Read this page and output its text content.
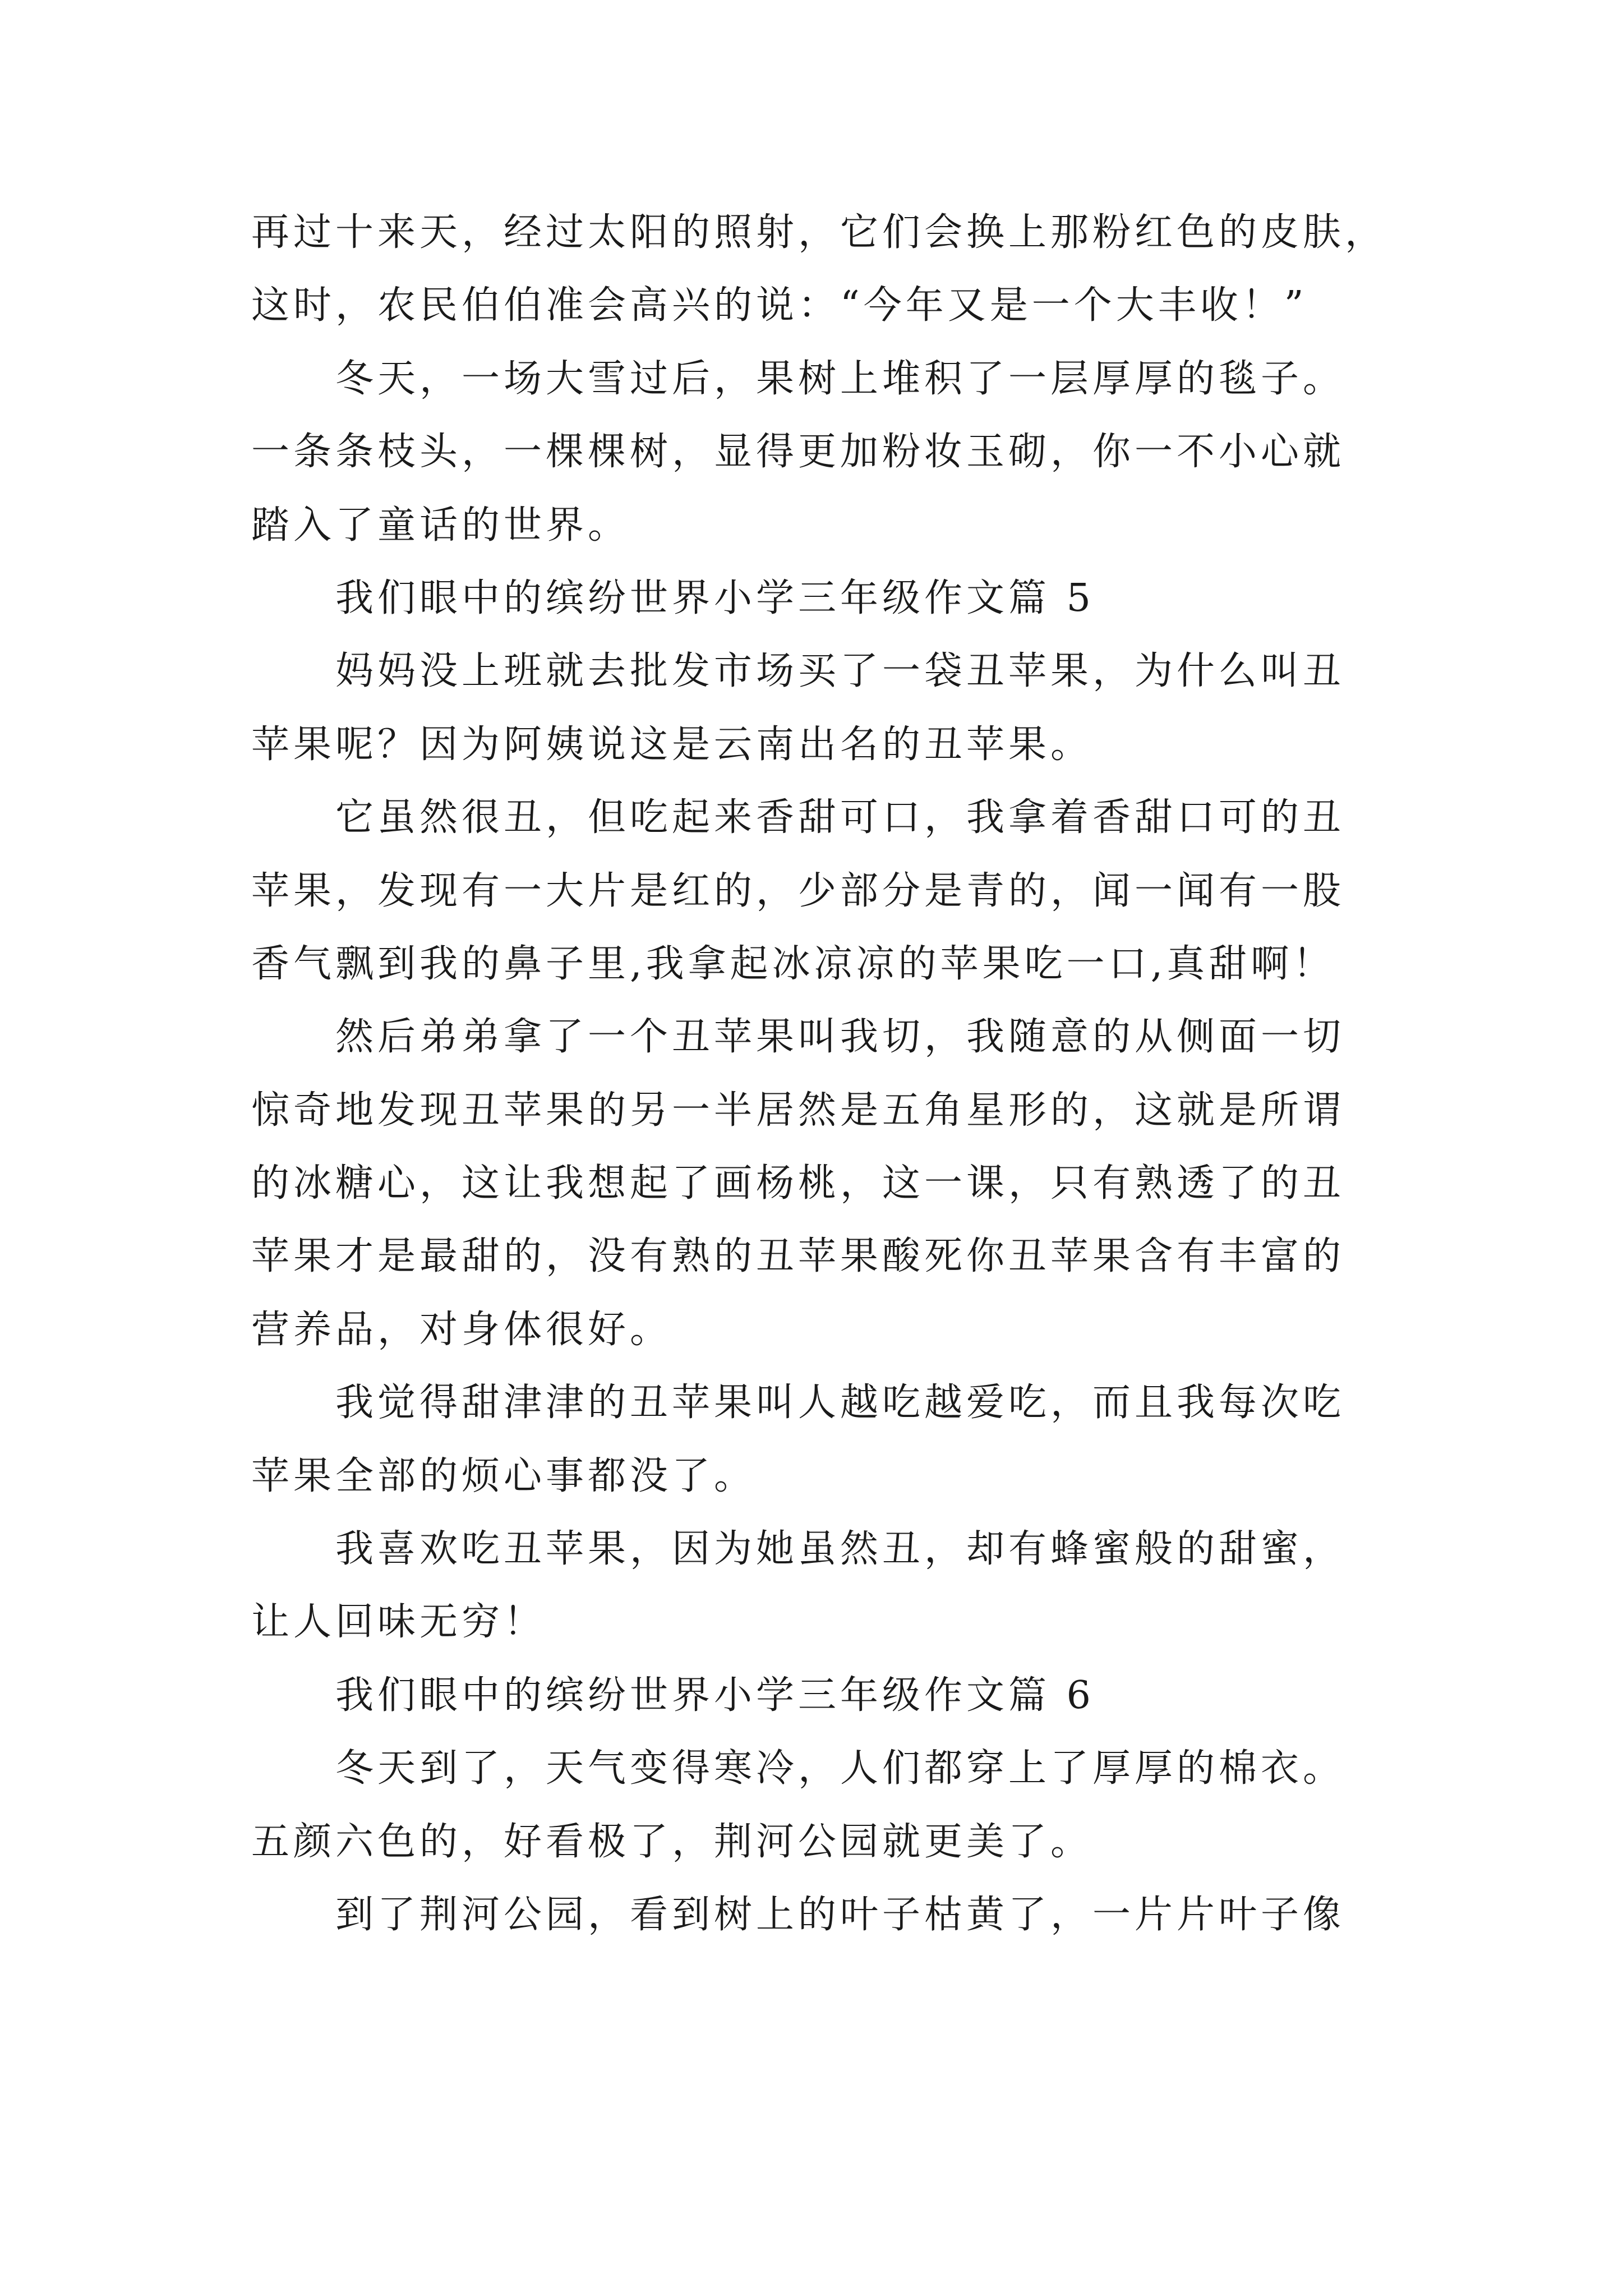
再过十来天，经过太阳的照射，它们会换上那粉红色的皮肤，
这时，农民伯伯准会高兴的说：“今年又是一个大丰收！”
冬天，一场大雪过后，果树上堆积了一层厚厚的毯子。
一条条枝头，一棵棵树，显得更加粉妆玉砌，你一不小心就
踏入了童话的世界。
我们眼中的缤纷世界小学三年级作文篇 5
妈妈没上班就去批发市场买了一袋丑苹果，为什么叫丑
苹果呢？因为阿姨说这是云南出名的丑苹果。
它虽然很丑，但吃起来香甜可口，我拿着香甜口可的丑
苹果，发现有一大片是红的，少部分是青的，闻一闻有一股
香气飘到我的鼻子里,我拿起冰凉凉的苹果吃一口,真甜啊！
然后弟弟拿了一个丑苹果叫我切，我随意的从侧面一切
惊奇地发现丑苹果的另一半居然是五角星形的，这就是所谓
的冰糖心，这让我想起了画杨桃，这一课，只有熟透了的丑
苹果才是最甜的，没有熟的丑苹果酸死你丑苹果含有丰富的
营养品，对身体很好。
我觉得甜津津的丑苹果叫人越吃越爱吃，而且我每次吃
苹果全部的烦心事都没了。
我喜欢吃丑苹果，因为她虽然丑，却有蜂蜜般的甜蜜，
让人回味无穷！
我们眼中的缤纷世界小学三年级作文篇 6
冬天到了，天气变得寒冷，人们都穿上了厚厚的棉衣。
五颜六色的，好看极了，荆河公园就更美了。
到了荆河公园，看到树上的叶子枯黄了，一片片叶子像
